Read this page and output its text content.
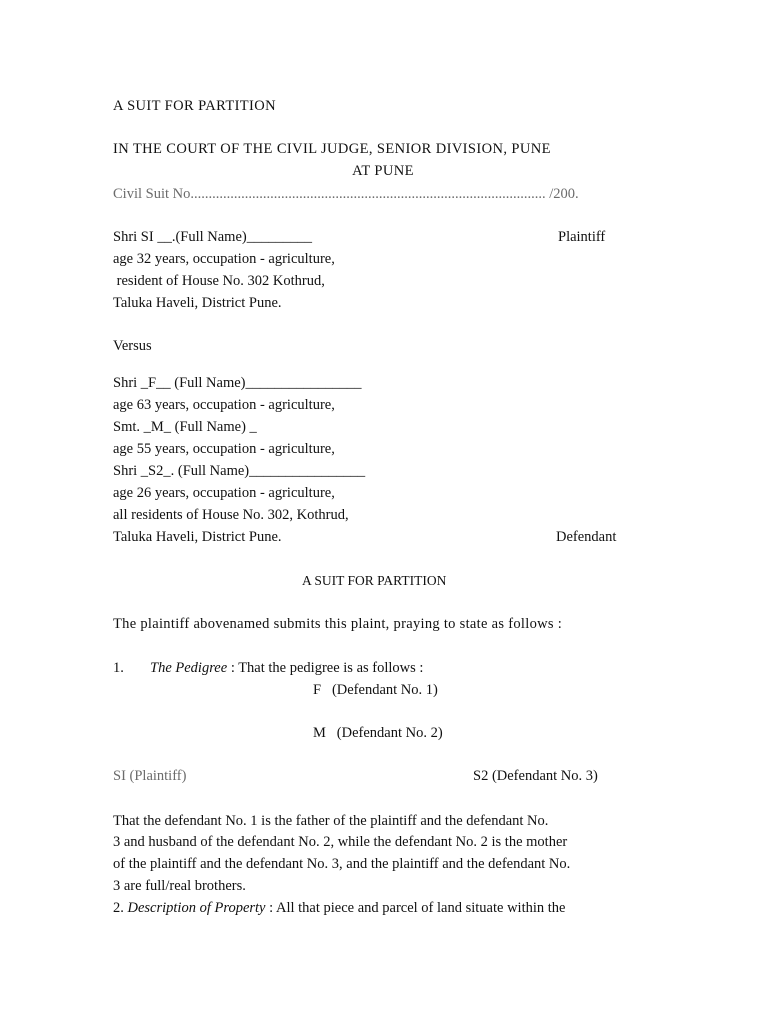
A SUIT FOR PARTITION
IN THE COURT OF THE CIVIL JUDGE, SENIOR DIVISION, PUNE
AT PUNE
Civil Suit No.................................................................................................. /200.
Shri SI __.(Full Name)_________	Plaintiff
age 32 years, occupation - agriculture,
resident of House No. 302 Kothrud,
Taluka Haveli, District Pune.
Versus
Shri _F__ (Full Name)________________
age 63 years, occupation - agriculture,
Smt. _M_ (Full Name) _
age 55 years, occupation - agriculture,
Shri _S2_. (Full Name)________________
age 26 years, occupation - agriculture,
all residents of House No. 302, Kothrud,
Taluka Haveli, District Pune.	Defendant
A SUIT FOR PARTITION
The plaintiff abovenamed submits this plaint, praying to state as follows :
1. The Pedigree : That the pedigree is as follows :
F   (Defendant No. 1)
M   (Defendant No. 2)
SI (Plaintiff)	S2 (Defendant No. 3)
That the defendant No. 1 is the father of the plaintiff and the defendant No.
3 and husband of the defendant No. 2, while the defendant No. 2 is the mother
of the plaintiff and the defendant No. 3, and the plaintiff and the defendant No.
3 are full/real brothers.
2. Description of Property : All that piece and parcel of land situate within the
